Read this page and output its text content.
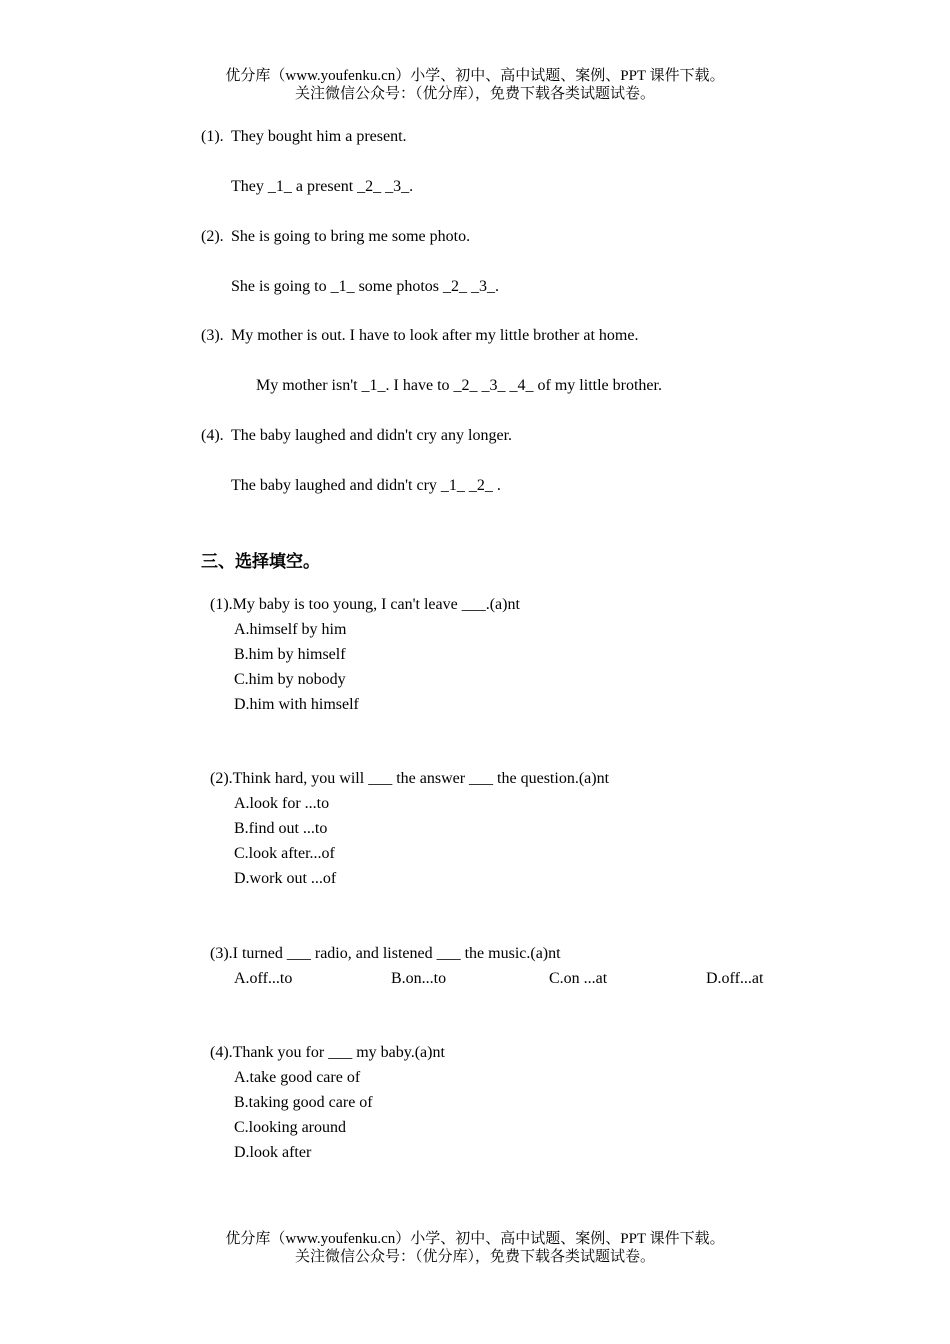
优分库（www.youfenku.cn）小学、初中、高中试题、案例、PPT 课件下载。
关注微信公众号：（优分库），免费下载各类试题试卷。
(1). They bought him a present.
They _1_ a present _2_ _3_.
(2). She is going to bring me some photo.
She is going to _1_ some photos _2_ _3_.
(3). My mother is out. I have to look after my little brother at home.
My mother isn't _1_. I have to _2_ _3_ _4_ of my little brother.
(4). The baby laughed and didn't cry any longer.
The baby laughed and didn't cry _1_ _2_ .
三、选择填空。
(1).My baby is too young, I can't leave ___.(a)nt
A.himself by him
B.him by himself
C.him by nobody
D.him with himself
(2).Think hard, you will ___ the answer ___ the question.(a)nt
A.look for ...to
B.find out ...to
C.look after...of
D.work out ...of
(3).I turned ___ radio, and listened ___ the music.(a)nt
A.off...to	B.on...to	C.on ...at	D.off...at
(4).Thank you for ___ my baby.(a)nt
A.take good care of
B.taking good care of
C.looking around
D.look after
优分库（www.youfenku.cn）小学、初中、高中试题、案例、PPT 课件下载。
关注微信公众号：（优分库），免费下载各类试题试卷。
